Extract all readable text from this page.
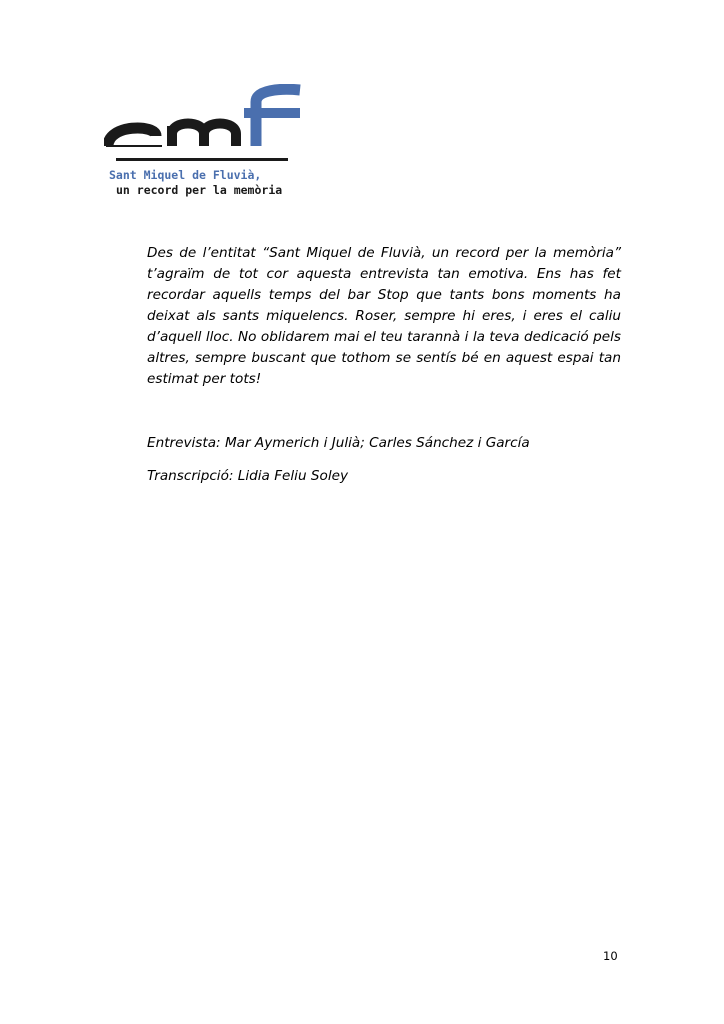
Sant Miquel de Fluvià,
un record per la memòria

Des de l’entitat “Sant Miquel de Fluvià, un record per la memòria” t’agraïm de tot cor aquesta entrevista tan emotiva. Ens has fet recordar aquells temps del bar Stop que tants bons moments ha deixat als sants miquelencs. Roser, sempre hi eres, i eres el caliu d’aquell lloc. No oblidarem mai el teu tarannà i la teva dedicació pels altres, sempre buscant que tothom se sentís bé en aquest espai tan estimat per tots!

Entrevista: Mar Aymerich i Julià; Carles Sánchez i García

Transcripció: Lidia Feliu Soley

10
